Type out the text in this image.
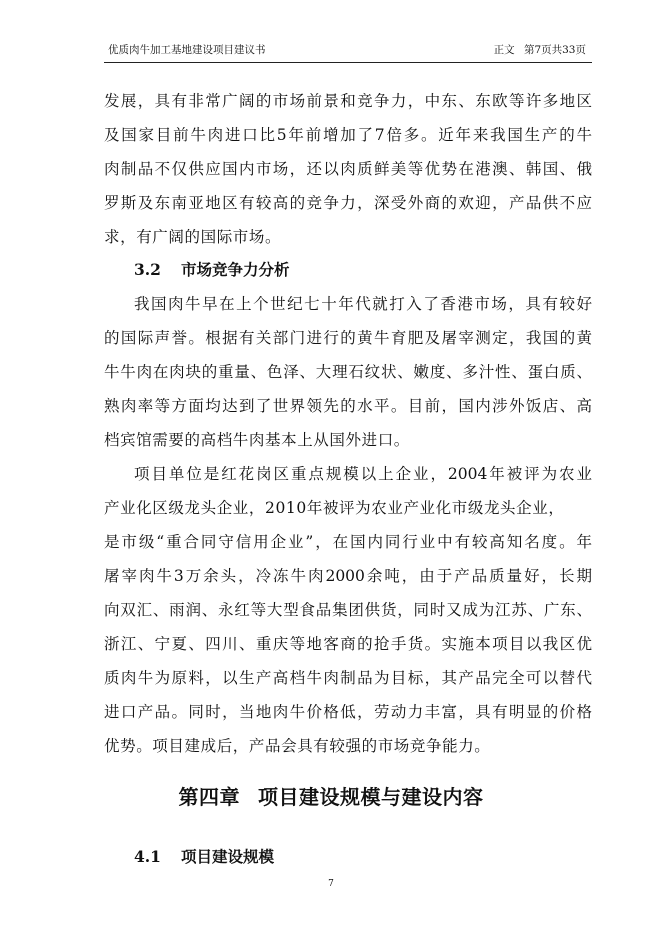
优质肉牛加工基地建设项目建议书	正文 第7页共33页
发展，具有非常广阔的市场前景和竞争力，中东、东欧等许多地区
及国家目前牛肉进口比5年前增加了7倍多。近年来我国生产的牛
肉制品不仅供应国内市场，还以肉质鲜美等优势在港澳、韩国、俄
罗斯及东南亚地区有较高的竞争力，深受外商的欢迎，产品供不应
求，有广阔的国际市场。
3.2 市场竞争力分析
我国肉牛早在上个世纪七十年代就打入了香港市场，具有较好
的国际声誉。根据有关部门进行的黄牛育肥及屠宰测定，我国的黄
牛牛肉在肉块的重量、色泽、大理石纹状、嫩度、多汁性、蛋白质、
熟肉率等方面均达到了世界领先的水平。目前，国内涉外饭店、高
档宾馆需要的高档牛肉基本上从国外进口。
项目单位是红花岗区重点规模以上企业，2004年被评为农业
产业化区级龙头企业，2010年被评为农业产业化市级龙头企业，
是市级“重合同守信用企业”，在国内同行业中有较高知名度。年
屠宰肉牛3万余头，冷冻牛肉2000余吨，由于产品质量好，长期
向双汇、雨润、永红等大型食品集团供货，同时又成为江苏、广东、
浙江、宁夏、四川、重庆等地客商的抢手货。实施本项目以我区优
质肉牛为原料，以生产高档牛肉制品为目标，其产品完全可以替代
进口产品。同时，当地肉牛价格低，劳动力丰富，具有明显的价格
优势。项目建成后，产品会具有较强的市场竞争能力。
第四章 项目建设规模与建设内容
4.1 项目建设规模
7
